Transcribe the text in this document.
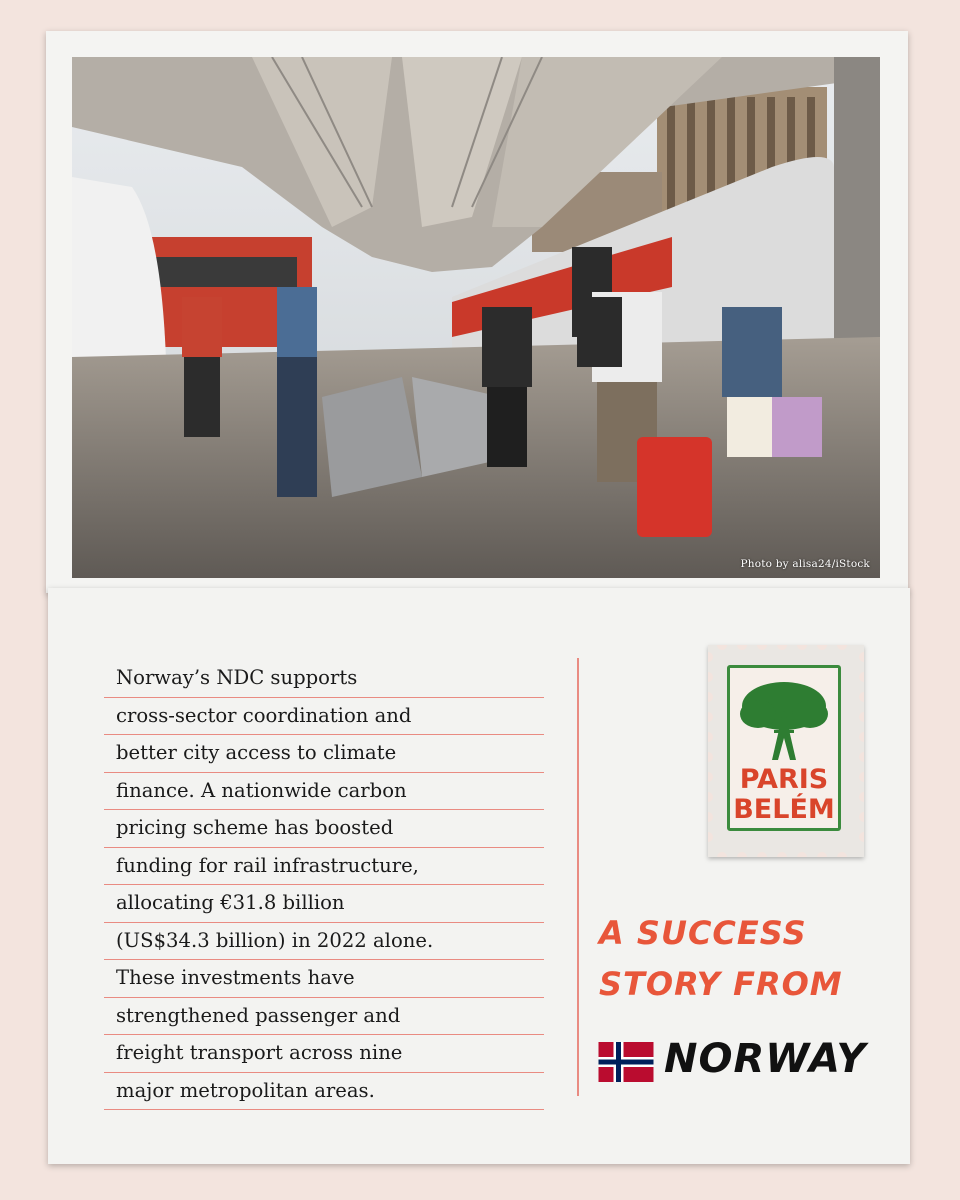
Photo by alisa24/iStock
Norway’s NDC supports
cross-sector coordination and
better city access to climate
finance. A nationwide carbon
pricing scheme has boosted
funding for rail infrastructure,
allocating €31.8 billion
(US$34.3 billion) in 2022 alone.
These investments have
strengthened passenger and
freight transport across nine
major metropolitan areas.
PARIS
BELÉM
A SUCCESS
STORY FROM
NORWAY
